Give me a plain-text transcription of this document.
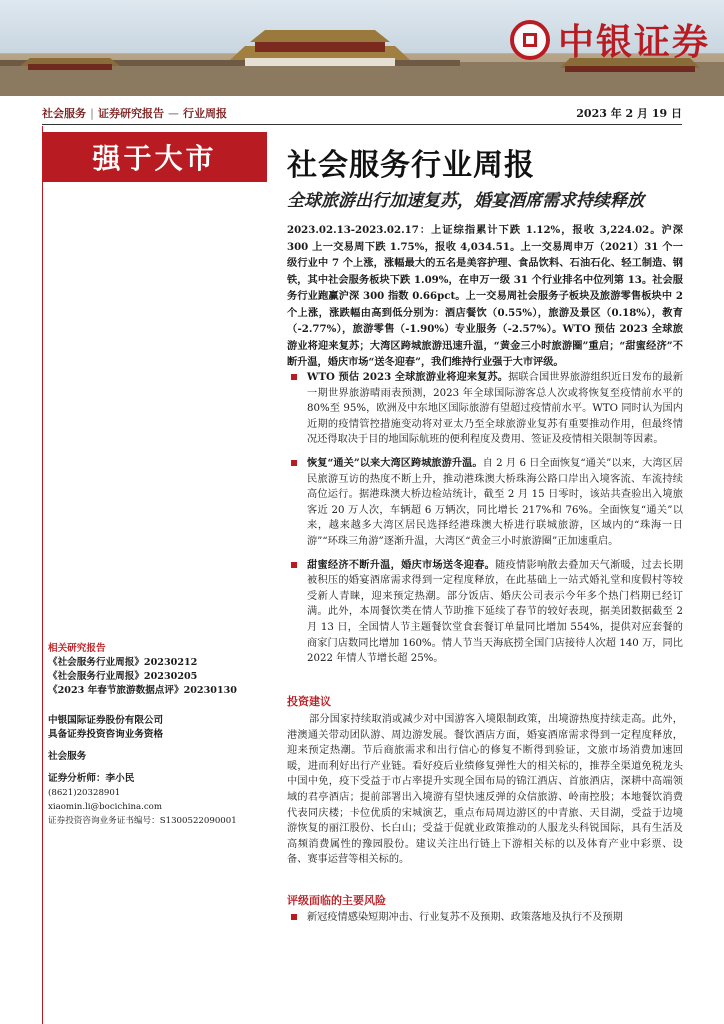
中银证券
社会服务 | 证券研究报告 — 行业周报	2023 年 2 月 19 日
强于大市	社会服务行业周报
全球旅游出行加速复苏，婚宴酒席需求持续释放
2023.02.13-2023.02.17：上证综指累计下跌 1.12%，报收 3,224.02。沪深 300 上一交易周下跌 1.75%，报收 4,034.51。上一交易周申万（2021）31 个一级行业中 7 个上涨，涨幅最大的五名是美容护理、食品饮料、石油石化、轻工制造、钢铁，其中社会服务板块下跌 1.09%，在申万一级 31 个行业排名中位列第 13。社会服务行业跑赢沪深 300 指数 0.66pct。上一交易周社会服务子板块及旅游零售板块中 2 个上涨，涨跌幅由高到低分别为：酒店餐饮（0.55%），旅游及景区（0.18%），教育（-2.77%），旅游零售（-1.90%）专业服务（-2.57%）。WTO 预估 2023 全球旅游业将迎来复苏；大湾区跨城旅游迅速升温，“黄金三小时旅游圈”重启；“甜蜜经济”不断升温，婚庆市场“送冬迎春”，我们维持行业强于大市评级。
WTO 预估 2023 全球旅游业将迎来复苏。据联合国世界旅游组织近日发布的最新一期世界旅游晴雨表预测，2023 年全球国际游客总人次或将恢复至疫情前水平的 80%至 95%，欧洲及中东地区国际旅游有望超过疫情前水平。WTO 同时认为国内近期的疫情管控措施变动将对亚太乃至全球旅游业复苏有重要推动作用，但最终情况还得取决于目的地国际航班的便利程度及费用、签证及疫情相关限制等因素。
恢复“通关”以来大湾区跨城旅游升温。自 2 月 6 日全面恢复“通关”以来，大湾区居民旅游互访的热度不断上升，推动港珠澳大桥珠海公路口岸出入境客流、车流持续高位运行。据港珠澳大桥边检站统计，截至 2 月 15 日零时，该站共查验出入境旅客近 20 万人次，车辆超 6 万辆次，同比增长 217%和 76%。全面恢复“通关”以来，越来越多大湾区居民选择经港珠澳大桥进行联城旅游，区域内的“珠海一日游”“环珠三角游”逐渐升温，大湾区“黄金三小时旅游圈”正加速重启。
甜蜜经济不断升温，婚庆市场送冬迎春。随疫情影响散去叠加天气渐暖，过去长期被积压的婚宴酒席需求得到一定程度释放，在此基础上一站式婚礼堂和度假村等较受新人青睐，迎来预定热潮。部分饭店、婚庆公司表示今年多个热门档期已经订满。此外，本周餐饮类在情人节助推下延续了春节的较好表现，据美团数据截至 2 月 13 日，全国情人节主题餐饮堂食套餐订单量同比增加 554%，提供对应套餐的商家门店数同比增加 160%。情人节当天海底捞全国门店接待人次超 140 万，同比 2022 年情人节增长超 25%。
投资建议
部分国家持续取消或减少对中国游客入境限制政策，出境游热度持续走高。此外，港澳通关带动团队游、周边游发展。餐饮酒店方面，婚宴酒席需求得到一定程度释放，迎来预定热潮。节后商旅需求和出行信心的修复不断得到验证，文旅市场消费加速回暖，进而利好出行产业链。看好疫后业绩修复弹性大的相关标的，推荐全渠道免税龙头中国中免，疫下受益于市占率提升实现全国布局的锦江酒店、首旅酒店，深耕中高端领域的君亭酒店；提前部署出入境游有望快速反弹的众信旅游、岭南控股；本地餐饮消费代表同庆楼；卡位优质的宋城演艺，重点布局周边游区的中青旅、天目湖，受益于边境游恢复的丽江股份、长白山；受益于促就业政策推动的人服龙头科锐国际，具有生活及高频消费属性的豫园股份。建议关注出行链上下游相关标的以及体育产业中彩票、设备、赛事运营等相关标的。
评级面临的主要风险
新冠疫情感染短期冲击、行业复苏不及预期、政策落地及执行不及预期
相关研究报告
《社会服务行业周报》20230212
《社会服务行业周报》20230205
《2023 年春节旅游数据点评》20230130
中银国际证券股份有限公司
具备证券投资咨询业务资格
社会服务
证券分析师：李小民
(8621)20328901
xiaomin.li@bocichina.com
证券投资咨询业务证书编号：S1300522090001
